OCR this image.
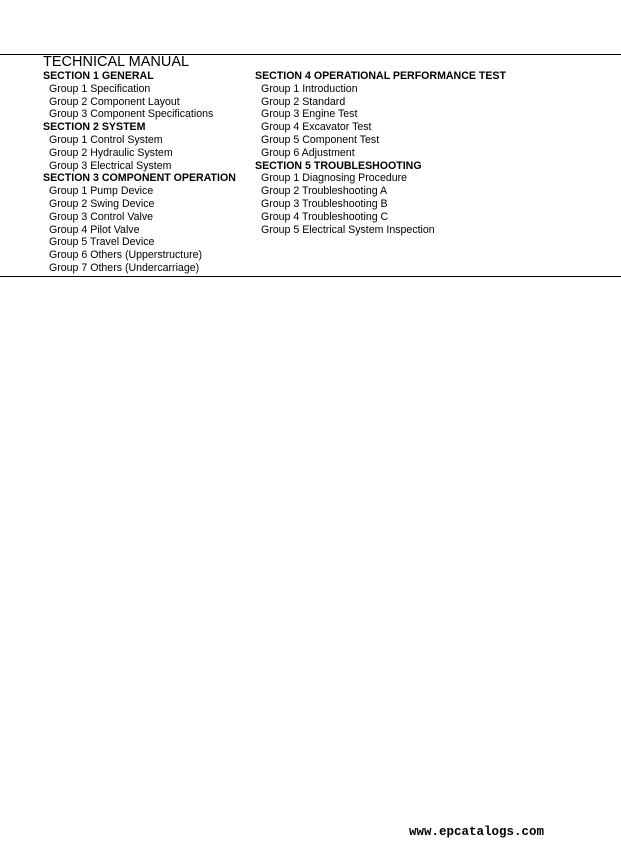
TECHNICAL MANUAL
SECTION 1 GENERAL
Group 1 Specification
Group 2 Component Layout
Group 3 Component Specifications
SECTION 2 SYSTEM
Group 1 Control System
Group 2 Hydraulic System
Group 3 Electrical System
SECTION 3 COMPONENT OPERATION
Group 1 Pump Device
Group 2 Swing Device
Group 3 Control Valve
Group 4 Pilot Valve
Group 5 Travel Device
Group 6 Others (Upperstructure)
Group 7 Others (Undercarriage)
SECTION 4 OPERATIONAL PERFORMANCE TEST
Group 1 Introduction
Group 2 Standard
Group 3 Engine Test
Group 4 Excavator Test
Group 5 Component Test
Group 6 Adjustment
SECTION 5 TROUBLESHOOTING
Group 1 Diagnosing Procedure
Group 2 Troubleshooting A
Group 3 Troubleshooting B
Group 4 Troubleshooting C
Group 5 Electrical System Inspection
www.epcatalogs.com
